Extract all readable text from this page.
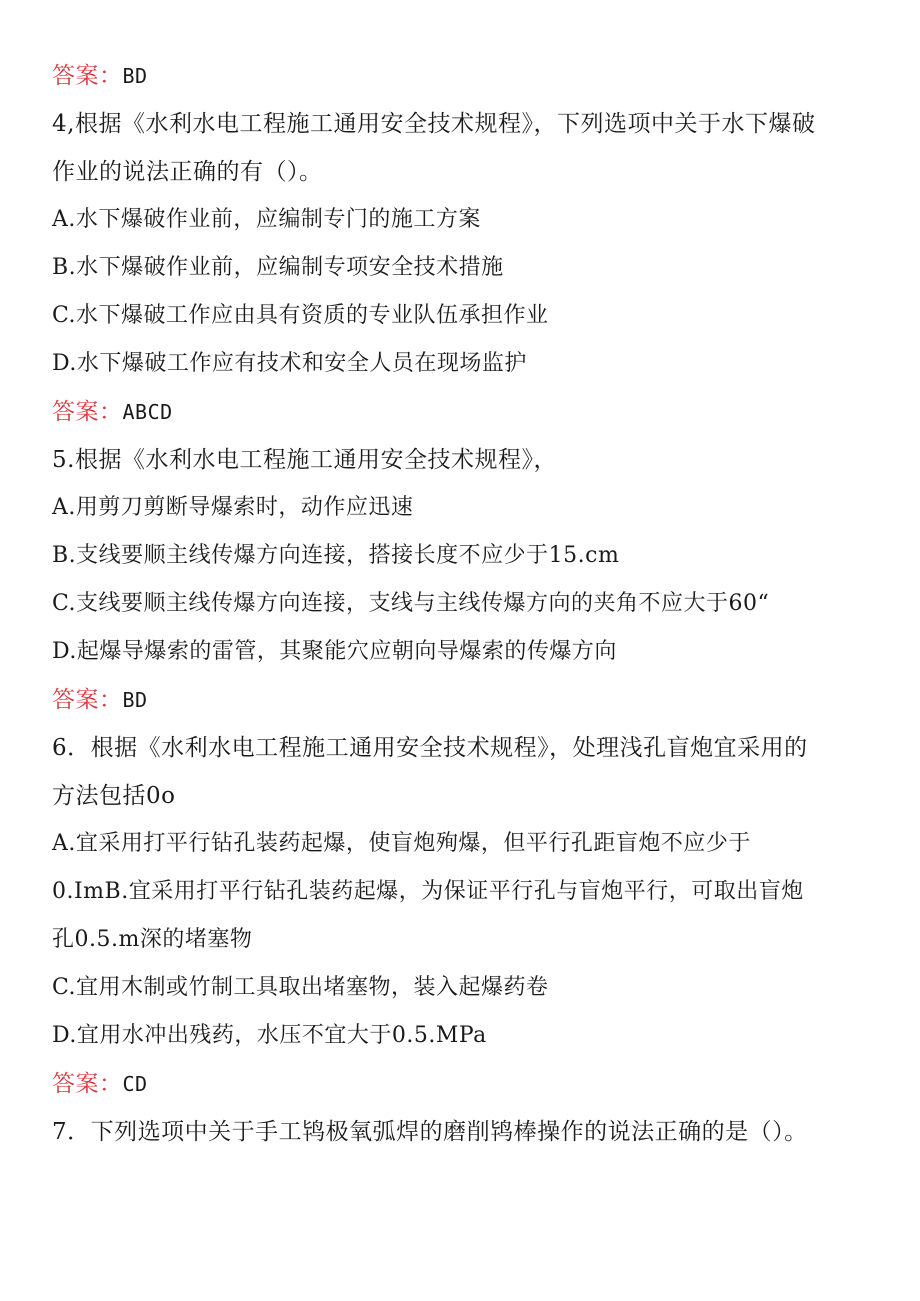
答案：BD
4,根据《水利水电工程施工通用安全技术规程》，下列选项中关于水下爆破
作业的说法正确的有（）。
A.水下爆破作业前，应编制专门的施工方案
B.水下爆破作业前，应编制专项安全技术措施
C.水下爆破工作应由具有资质的专业队伍承担作业
D.水下爆破工作应有技术和安全人员在现场监护
答案：ABCD
5.根据《水利水电工程施工通用安全技术规程》，
A.用剪刀剪断导爆索时，动作应迅速
B.支线要顺主线传爆方向连接，搭接长度不应少于15.cm
C.支线要顺主线传爆方向连接，支线与主线传爆方向的夹角不应大于60“
D.起爆导爆索的雷管，其聚能穴应朝向导爆索的传爆方向
答案：BD
6．根据《水利水电工程施工通用安全技术规程》，处理浅孔盲炮宜采用的
方法包括0o
A.宜采用打平行钻孔装药起爆，使盲炮殉爆，但平行孔距盲炮不应少于
0.ImB.宜采用打平行钻孔装药起爆，为保证平行孔与盲炮平行，可取出盲炮
孔0.5.m深的堵塞物
C.宜用木制或竹制工具取出堵塞物，装入起爆药卷
D.宜用水冲出残药，水压不宜大于0.5.MPa
答案：CD
7．下列选项中关于手工鸨极氧弧焊的磨削鸨棒操作的说法正确的是（）。
